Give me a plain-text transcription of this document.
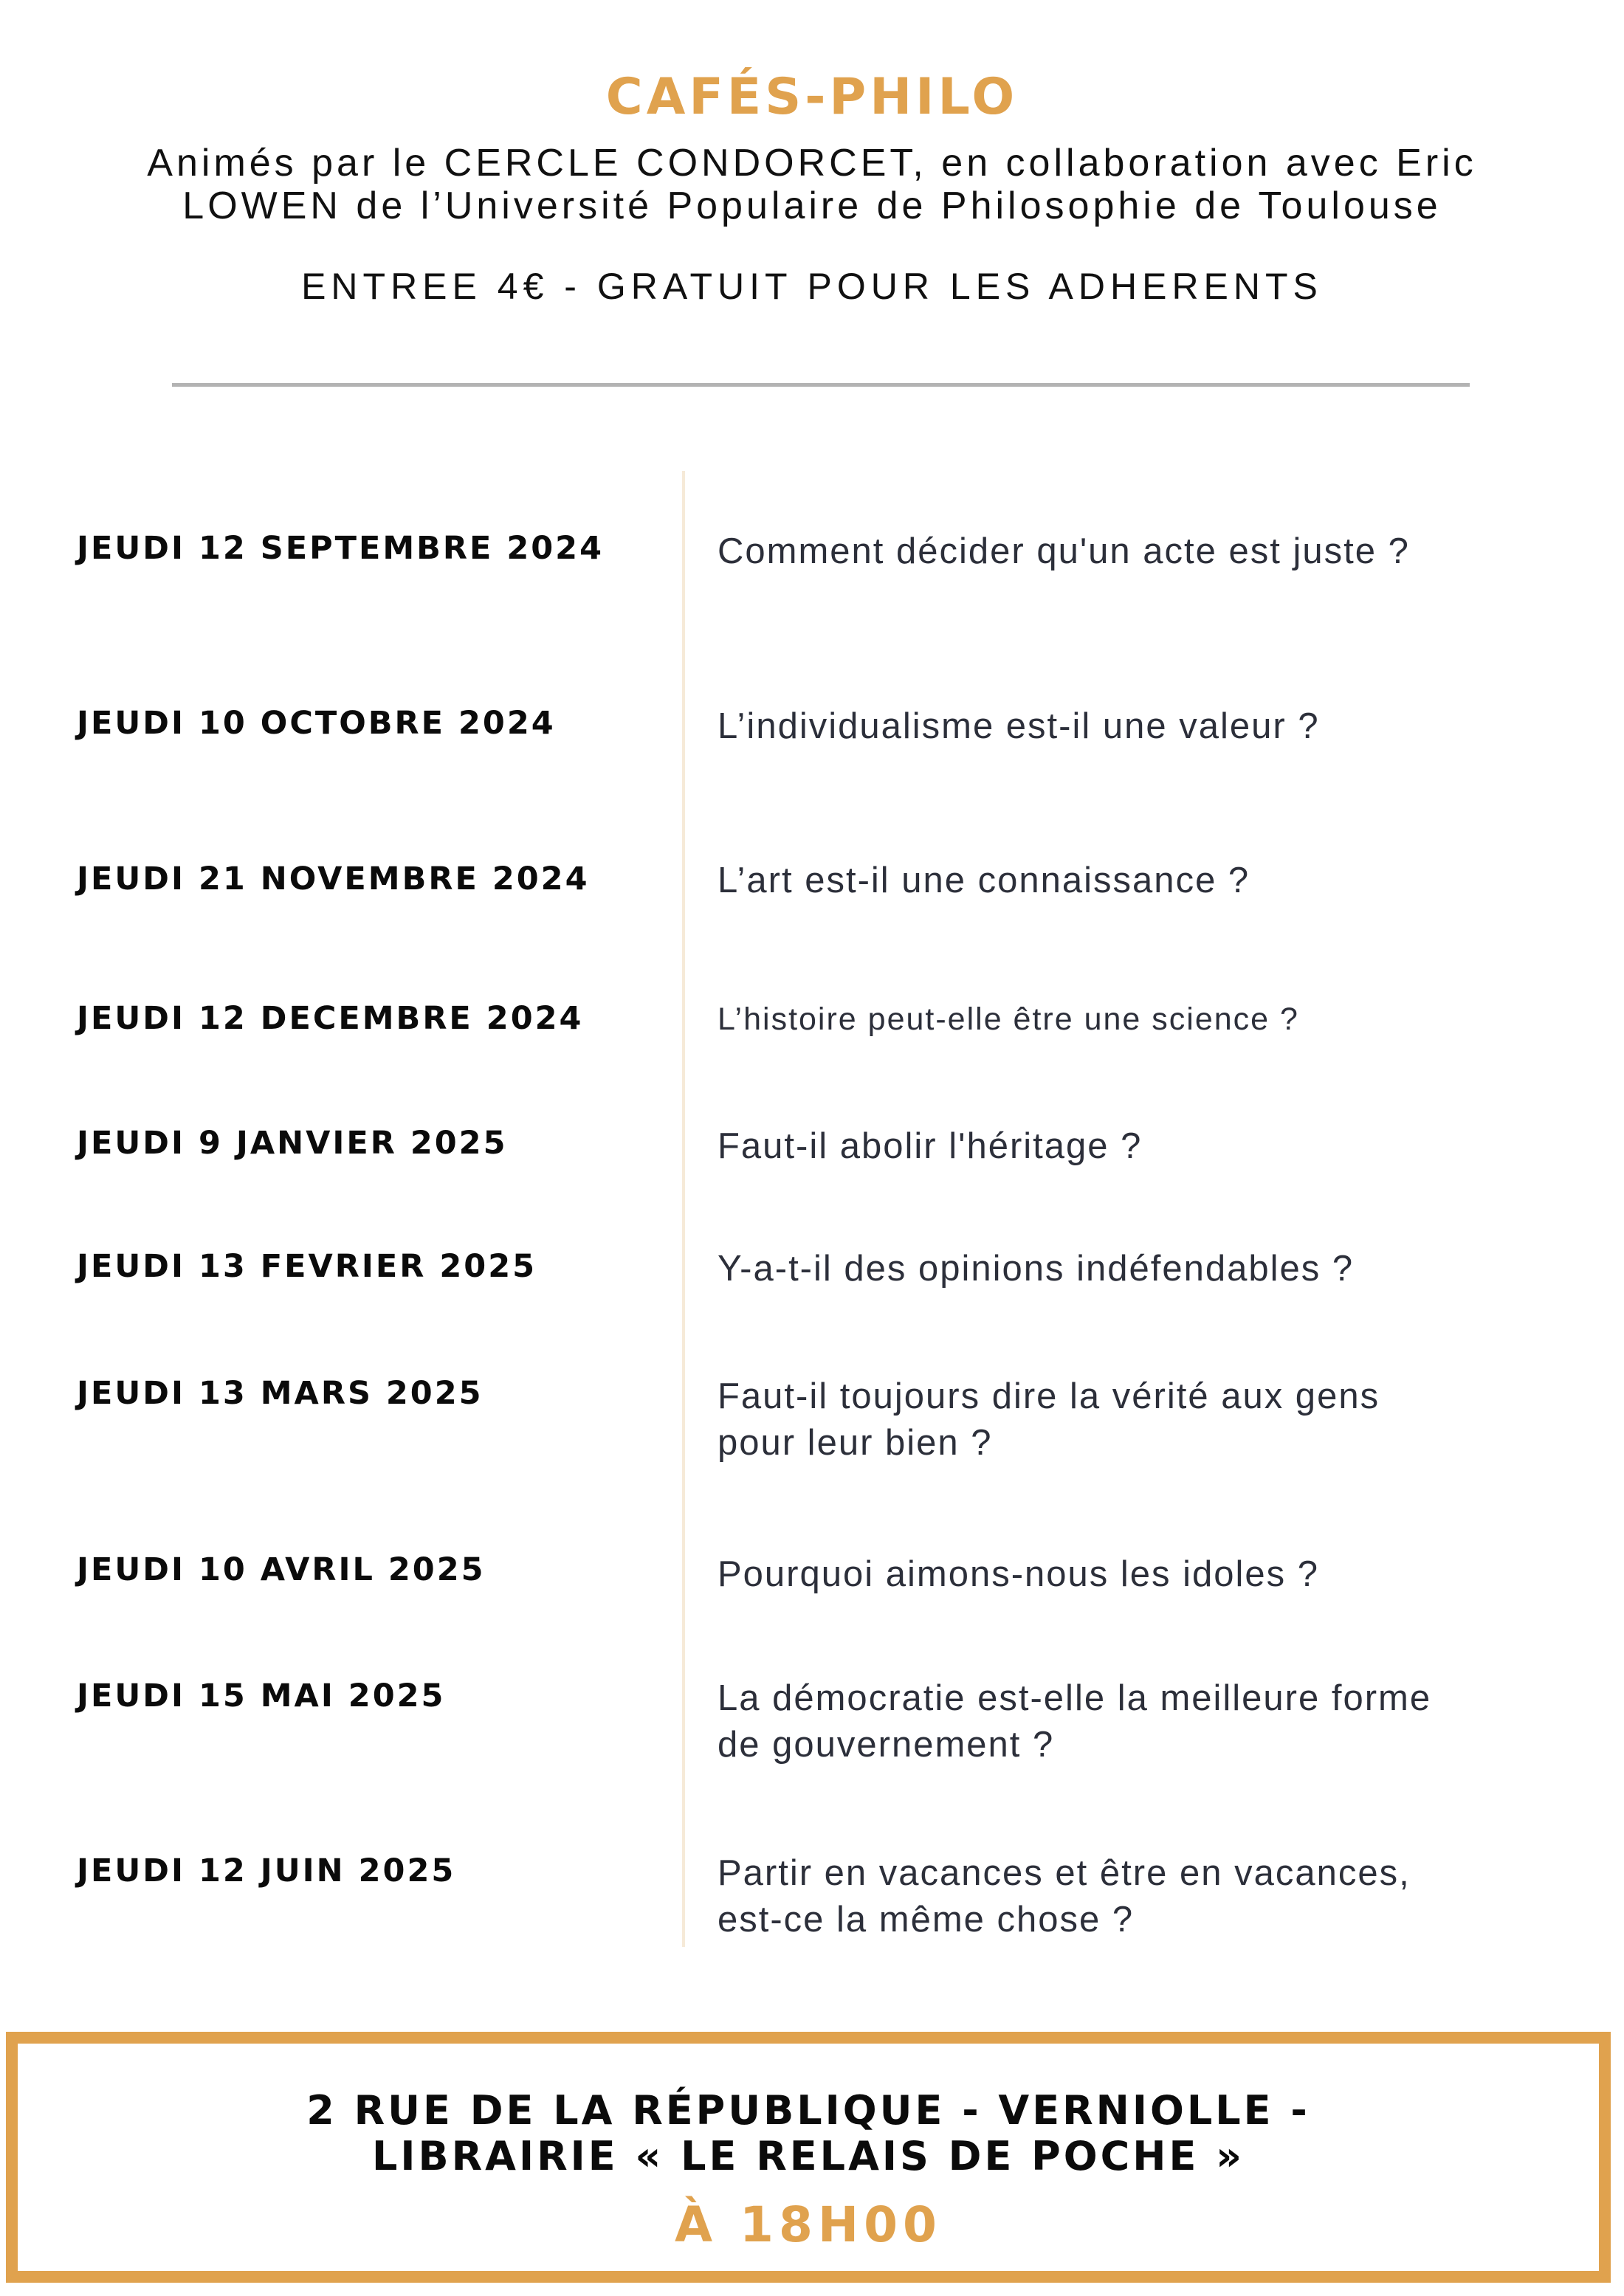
CAFÉS-PHILO
Animés par le CERCLE CONDORCET, en collaboration avec Eric
LOWEN de l’Université Populaire de Philosophie de Toulouse
ENTREE 4€ - GRATUIT POUR LES ADHERENTS
JEUDI 12 SEPTEMBRE 2024	Comment décider qu'un acte est juste ?
JEUDI 10 OCTOBRE 2024	L’individualisme est-il une valeur ?
JEUDI 21 NOVEMBRE 2024	L’art est-il une connaissance ?
JEUDI 12 DECEMBRE 2024	L’histoire peut-elle être une science ?
JEUDI 9 JANVIER 2025	Faut-il abolir l'héritage ?
JEUDI 13 FEVRIER 2025	Y-a-t-il des opinions indéfendables ?
JEUDI 13 MARS 2025	Faut-il toujours dire la vérité aux gens
pour leur bien ?
JEUDI 10 AVRIL 2025	Pourquoi aimons-nous les idoles ?
JEUDI 15 MAI 2025	La démocratie est-elle la meilleure forme
de gouvernement ?
JEUDI 12 JUIN 2025	Partir en vacances et être en vacances,
est-ce la même chose ?
2 RUE DE LA RÉPUBLIQUE - VERNIOLLE -
LIBRAIRIE « LE RELAIS DE POCHE »
À 18H00
